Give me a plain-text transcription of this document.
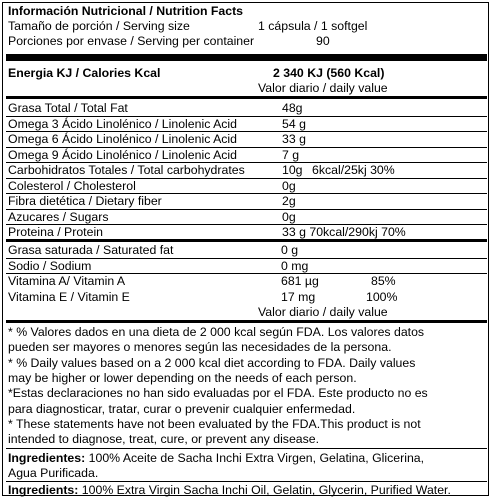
Información Nutricional / Nutrition Facts
Tamaño de porción / Serving size	1 cápsula / 1 softgel
Porciones por envase / Serving per container	90
Energia KJ / Calories Kcal	2 340 KJ (560 Kcal)
Valor diario / daily value
Grasa Total / Total Fat	48g
Omega 3 Ácido Linolénico / Linolenic Acid	54 g
Omega 6 Ácido Linolénico / Linolenic Acid	33 g
Omega 9 Ácido Linolénico / Linolenic Acid	7 g
Carbohidratos Totales / Total carbohydrates	10g 6kcal/25kj 30%
Colesterol / Cholesterol	0g
Fibra dietética / Dietary fiber	2g
Azucares / Sugars	0g
Proteina / Protein	33 g 70kcal/290kj 70%
Grasa saturada / Saturated fat	0 g
Sodio / Sodium	0 mg
Vitamina A/ Vitamin A	681 µg	85%
Vitamina E / Vitamin E	17 mg	100%
Valor diario / daily value
* % Valores dados en una dieta de 2 000 kcal según FDA. Los valores datos
pueden ser mayores o menores según las necesidades de la persona.
* % Daily values based on a 2 000 kcal diet according to FDA. Daily values
may be higher or lower depending on the needs of each person.
*Estas declaraciones no han sido evaluadas por el FDA. Este producto no es
para diagnosticar, tratar, curar o prevenir cualquier enfermedad.
* These statements have not been evaluated by the FDA.This product is not
intended to diagnose, treat, cure, or prevent any disease.
Ingredientes: 100% Aceite de Sacha Inchi Extra Virgen, Gelatina, Glicerina,
Agua Purificada.
Ingredients: 100% Extra Virgin Sacha Inchi Oil, Gelatin, Glycerin, Purified Water.
